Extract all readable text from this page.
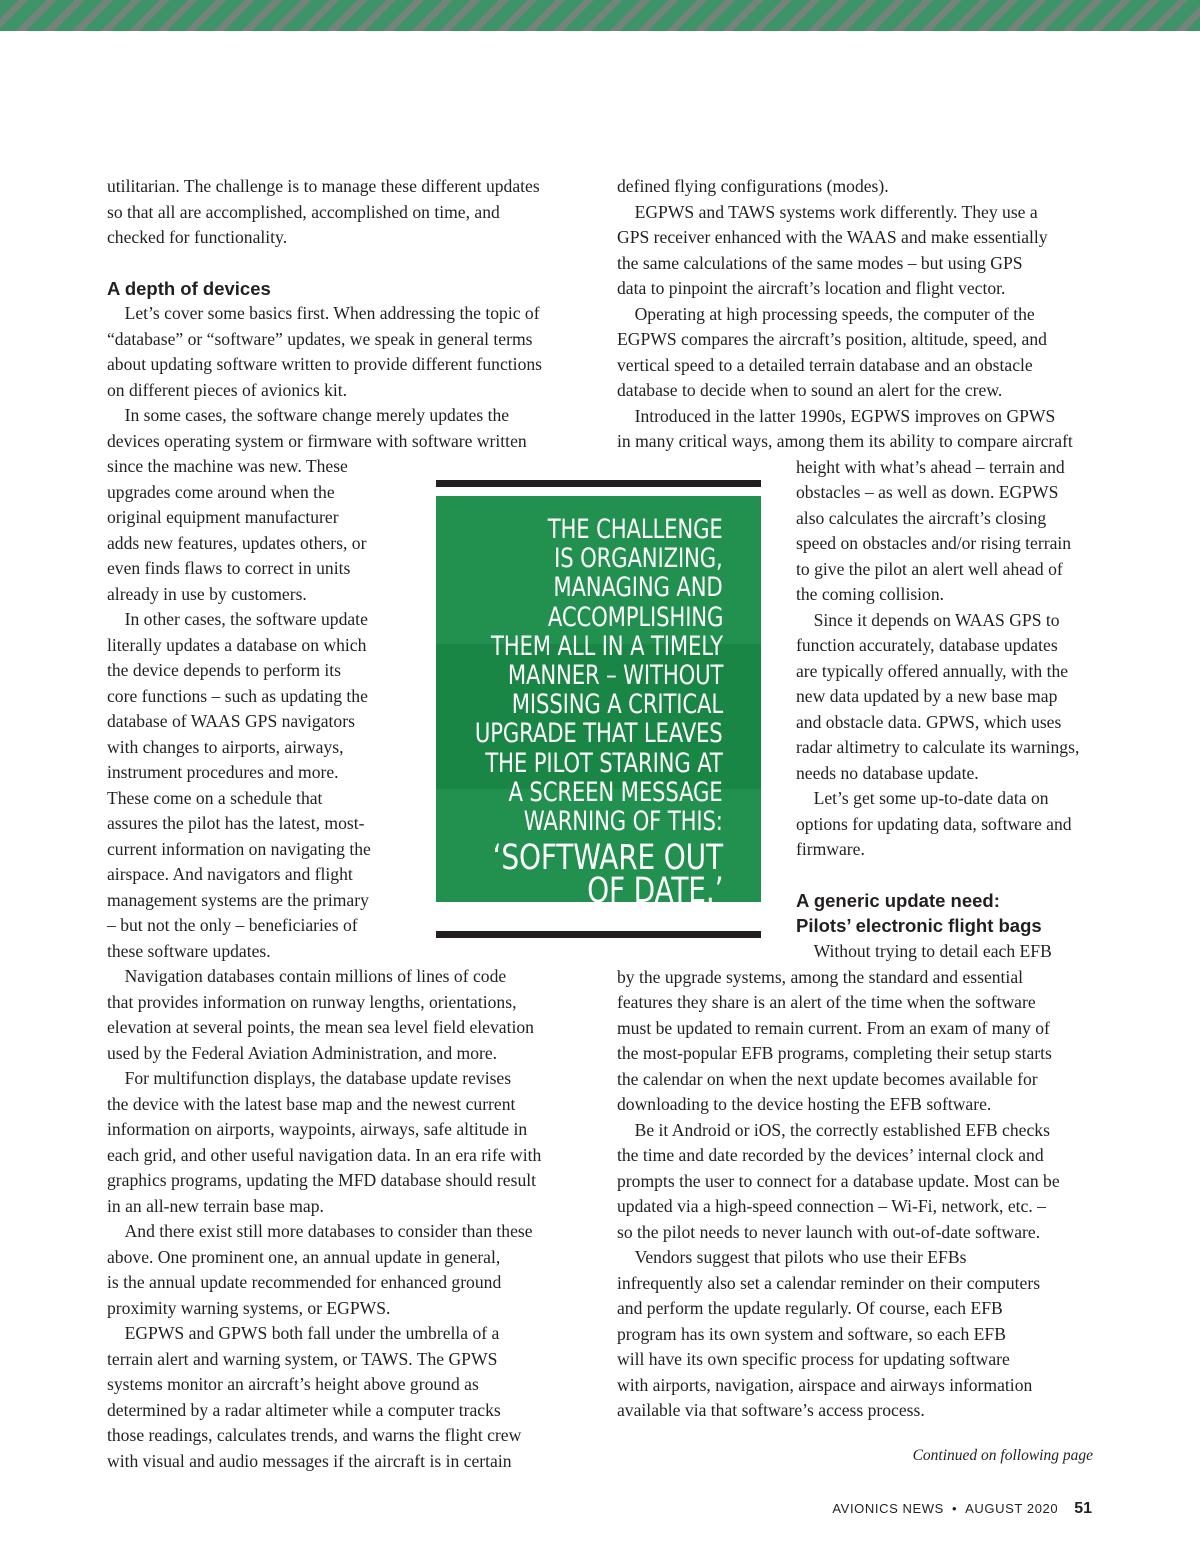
utilitarian. The challenge is to manage these different updates

so that all are accomplished, accomplished on time, and

checked for functionality.

A depth of devices

Let’s cover some basics first. When addressing the topic of

“database” or “software” updates, we speak in general terms

about updating software written to provide different functions

on different pieces of avionics kit.

In some cases, the software change merely updates the

devices operating system or firmware with software written

since the machine was new. These

upgrades come around when the

original equipment manufacturer

adds new features, updates others, or

even finds flaws to correct in units

already in use by customers.

In other cases, the software update

literally updates a database on which

the device depends to perform its

core functions – such as updating the

database of WAAS GPS navigators

with changes to airports, airways,

instrument procedures and more.

These come on a schedule that

assures the pilot has the latest, most-

current information on navigating the

airspace. And navigators and flight

management systems are the primary

– but not the only – beneficiaries of

these software updates.

Navigation databases contain millions of lines of code

that provides information on runway lengths, orientations,

elevation at several points, the mean sea level field elevation

used by the Federal Aviation Administration, and more.

For multifunction displays, the database update revises

the device with the latest base map and the newest current

information on airports, waypoints, airways, safe altitude in

each grid, and other useful navigation data. In an era rife with

graphics programs, updating the MFD database should result

in an all-new terrain base map.

And there exist still more databases to consider than these

above. One prominent one, an annual update in general,

is the annual update recommended for enhanced ground

proximity warning systems, or EGPWS.

EGPWS and GPWS both fall under the umbrella of a

terrain alert and warning system, or TAWS. The GPWS

systems monitor an aircraft’s height above ground as

determined by a radar altimeter while a computer tracks

those readings, calculates trends, and warns the flight crew

with visual and audio messages if the aircraft is in certain

defined flying configurations (modes).

EGPWS and TAWS systems work differently. They use a

GPS receiver enhanced with the WAAS and make essentially

the same calculations of the same modes – but using GPS

data to pinpoint the aircraft’s location and flight vector.

Operating at high processing speeds, the computer of the

EGPWS compares the aircraft’s position, altitude, speed, and

vertical speed to a detailed terrain database and an obstacle

database to decide when to sound an alert for the crew.

Introduced in the latter 1990s, EGPWS improves on GPWS

in many critical ways, among them its ability to compare aircraft

height with what’s ahead – terrain and

obstacles – as well as down. EGPWS

also calculates the aircraft’s closing

speed on obstacles and/or rising terrain

to give the pilot an alert well ahead of

the coming collision.

Since it depends on WAAS GPS to

function accurately, database updates

are typically offered annually, with the

new data updated by a new base map

and obstacle data. GPWS, which uses

radar altimetry to calculate its warnings,

needs no database update.

Let’s get some up-to-date data on

options for updating data, software and

firmware.

A generic update need:
Pilots’ electronic flight bags

Without trying to detail each EFB

by the upgrade systems, among the standard and essential

features they share is an alert of the time when the software

must be updated to remain current. From an exam of many of

the most-popular EFB programs, completing their setup starts

the calendar on when the next update becomes available for

downloading to the device hosting the EFB software.

Be it Android or iOS, the correctly established EFB checks

the time and date recorded by the devices’ internal clock and

prompts the user to connect for a database update. Most can be

updated via a high-speed connection – Wi-Fi, network, etc. –

so the pilot needs to never launch with out-of-date software.

Vendors suggest that pilots who use their EFBs

infrequently also set a calendar reminder on their computers

and perform the update regularly. Of course, each EFB

program has its own system and software, so each EFB

will have its own specific process for updating software

with airports, navigation, airspace and airways information

available via that software’s access process.

THE CHALLENGE

IS ORGANIZING,

MANAGING AND

ACCOMPLISHING

THEM ALL IN A TIMELY

MANNER – WITHOUT

MISSING A CRITICAL

UPGRADE THAT LEAVES

THE PILOT STARING AT

A SCREEN MESSAGE

WARNING OF THIS:

‘SOFTWARE OUT

OF DATE.’

Continued on following page

AVIONICS NEWS • AUGUST 2020 51
